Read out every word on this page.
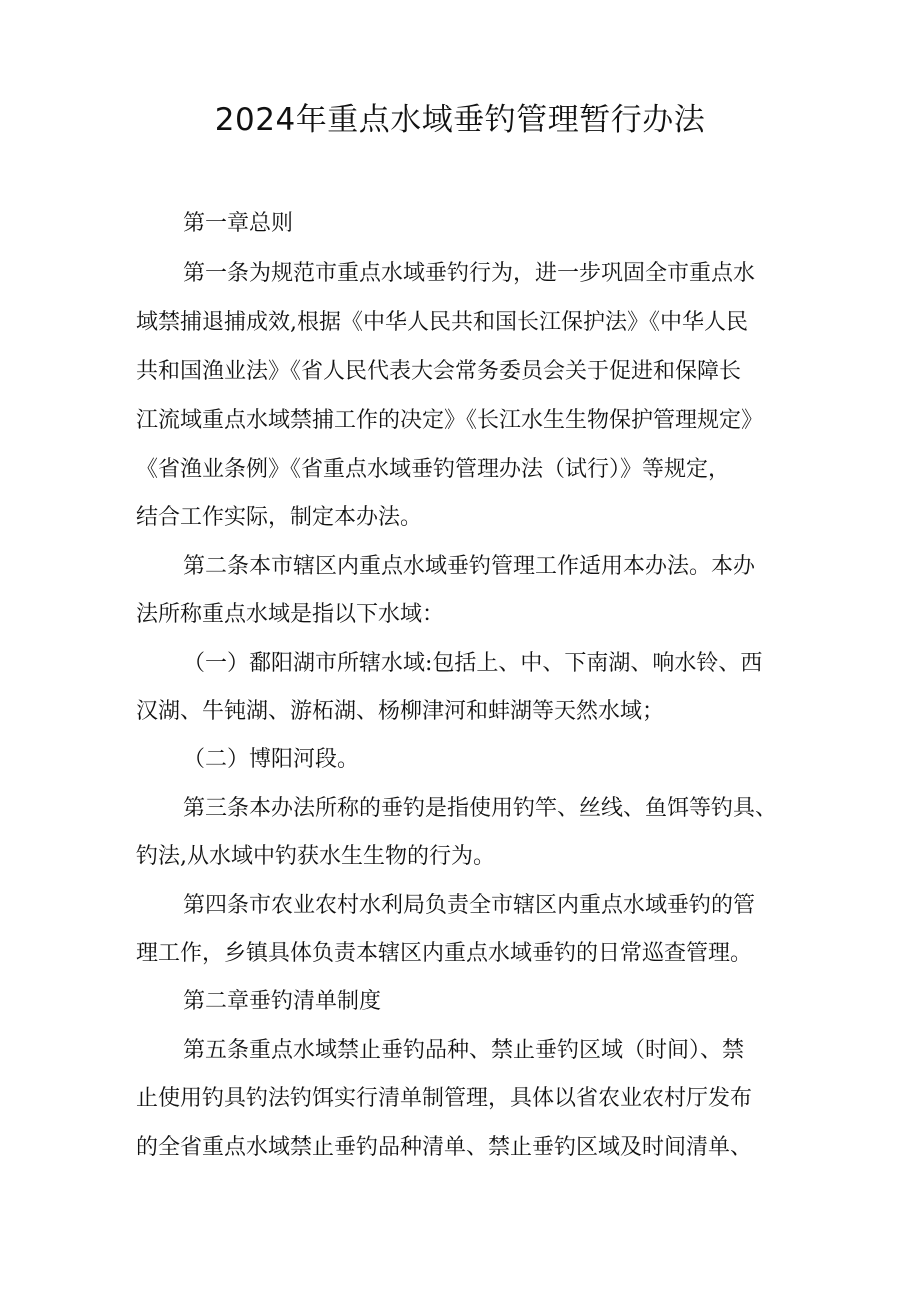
2024年重点水域垂钓管理暂行办法
第一章总则
第一条为规范市重点水域垂钓行为，进一步巩固全市重点水
域禁捕退捕成效,根据《中华人民共和国长江保护法》《中华人民
共和国渔业法》《省人民代表大会常务委员会关于促进和保障长
江流域重点水域禁捕工作的决定》《长江水生生物保护管理规定》
《省渔业条例》《省重点水域垂钓管理办法（试行）》等规定，
结合工作实际，制定本办法。
第二条本市辖区内重点水域垂钓管理工作适用本办法。本办
法所称重点水域是指以下水域：
（一）鄱阳湖市所辖水域:包括上、中、下南湖、响水铃、西
汉湖、牛钝湖、游柘湖、杨柳津河和蚌湖等天然水域；
（二）博阳河段。
第三条本办法所称的垂钓是指使用钓竿、丝线、鱼饵等钓具、
钓法,从水域中钓获水生生物的行为。
第四条市农业农村水利局负责全市辖区内重点水域垂钓的管
理工作，乡镇具体负责本辖区内重点水域垂钓的日常巡查管理。
第二章垂钓清单制度
第五条重点水域禁止垂钓品种、禁止垂钓区域（时间）、禁
止使用钓具钓法钓饵实行清单制管理，具体以省农业农村厅发布
的全省重点水域禁止垂钓品种清单、禁止垂钓区域及时间清单、
